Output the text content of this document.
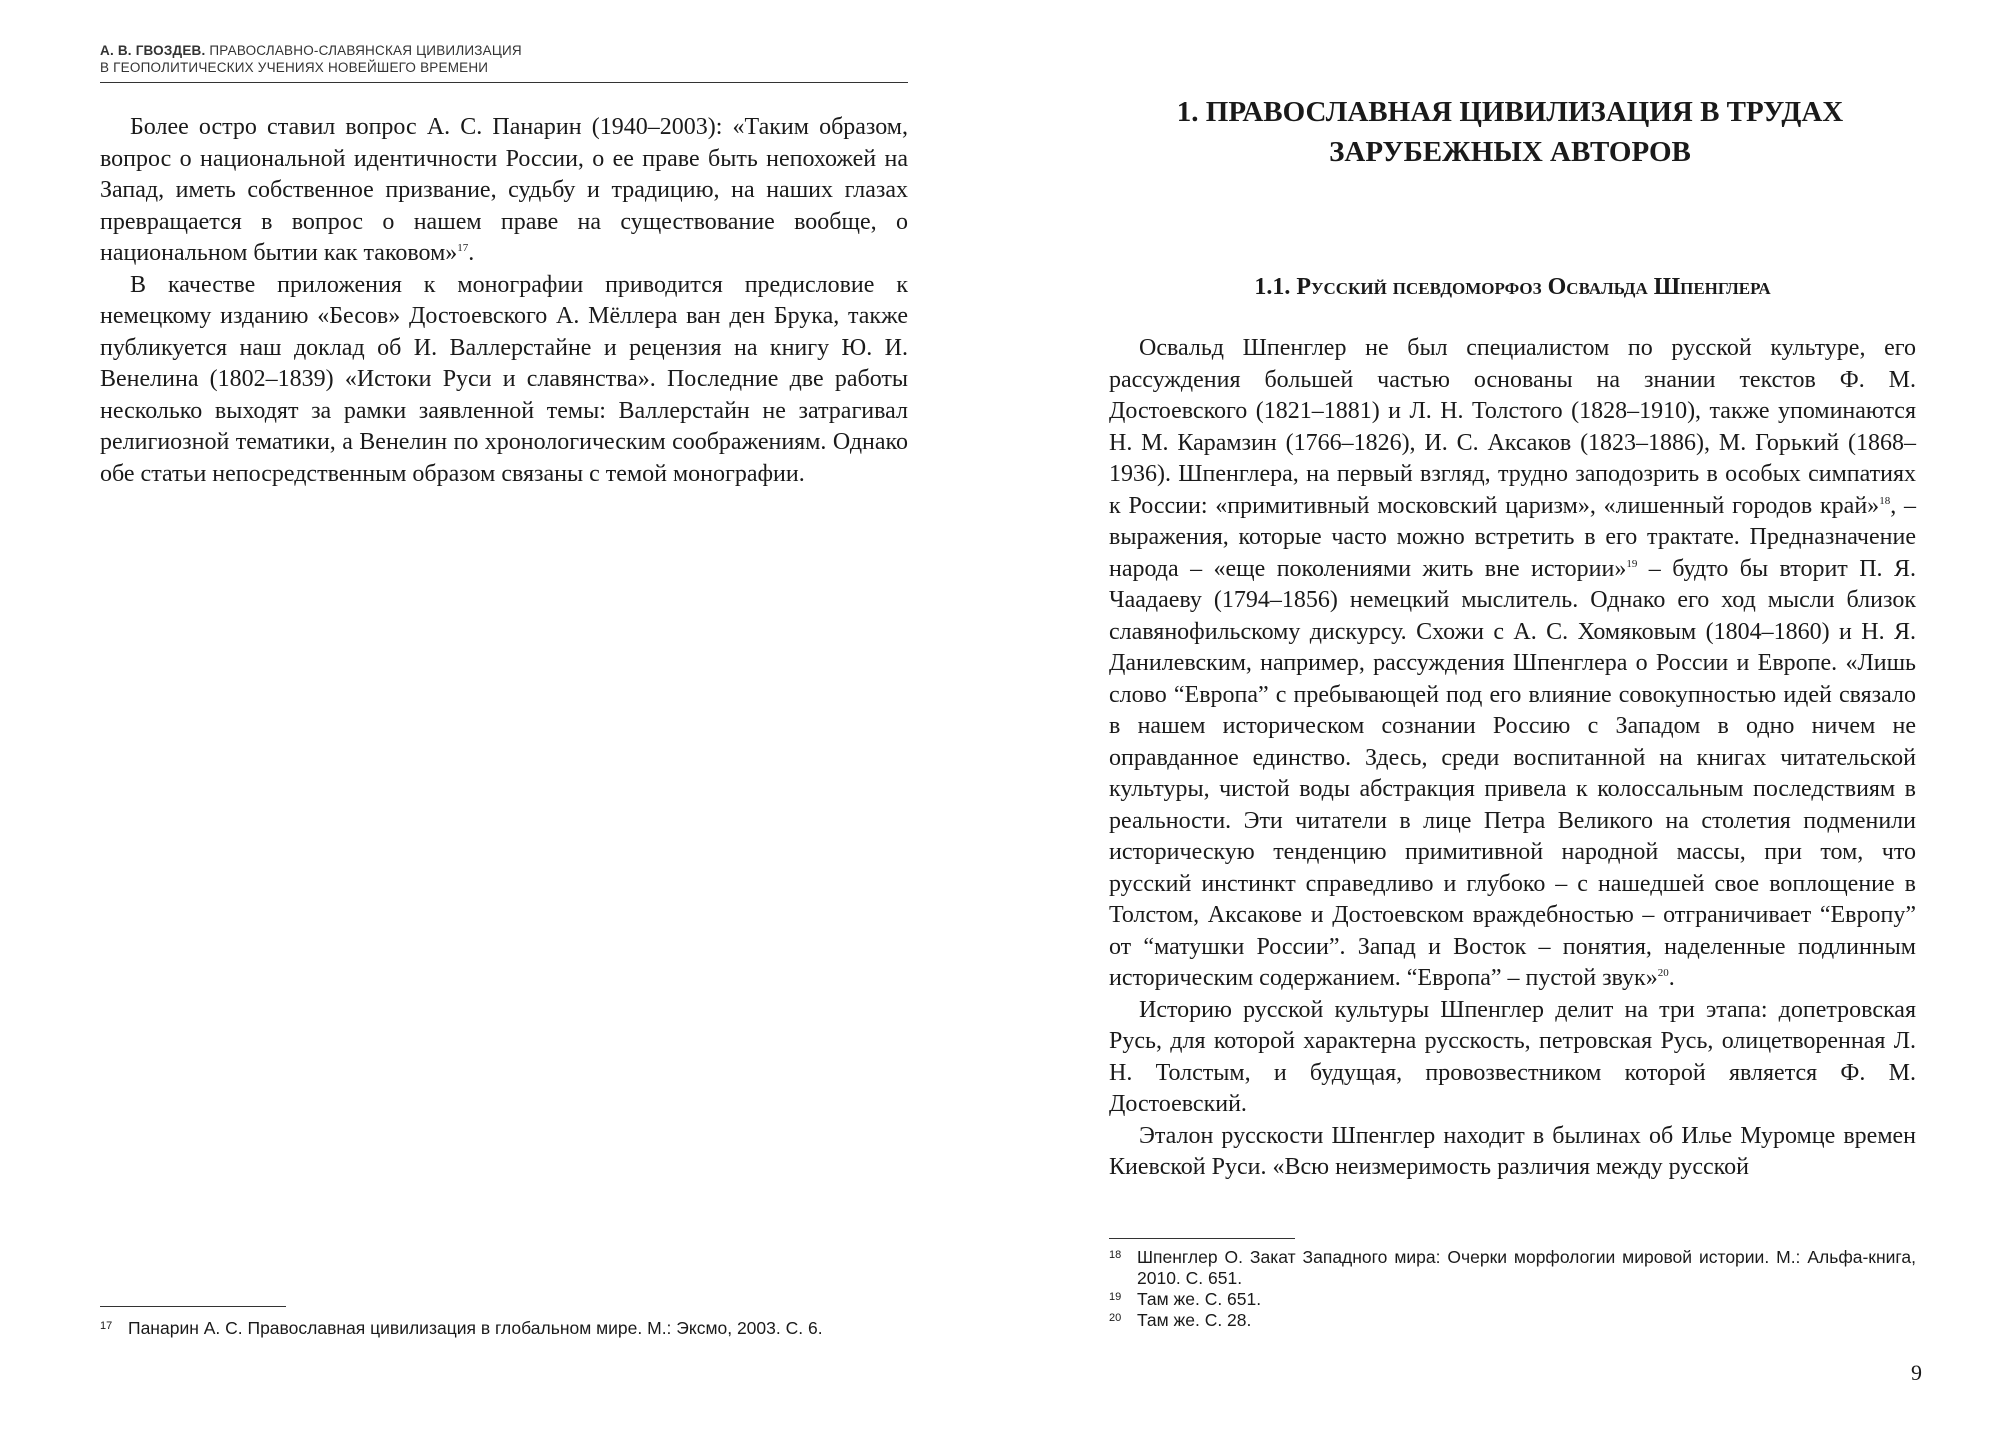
А. В. ГВОЗДЕВ. ПРАВОСЛАВНО-СЛАВЯНСКАЯ ЦИВИЛИЗАЦИЯ
В ГЕОПОЛИТИЧЕСКИХ УЧЕНИЯХ НОВЕЙШЕГО ВРЕМЕНИ

Более остро ставил вопрос А. С. Панарин (1940–2003): «Таким образом, вопрос о национальной идентичности России, о ее праве быть непохожей на Запад, иметь собственное призвание, судьбу и традицию, на наших глазах превращается в вопрос о нашем праве на существование вообще, о национальном бытии как таковом»$^{17}$.

В качестве приложения к монографии приводится предисловие к немецкому изданию «Бесов» Достоевского А. Мёллера ван ден Брука, также публикуется наш доклад об И. Валлерстайне и рецензия на книгу Ю. И. Венелина (1802–1839) «Истоки Руси и славянства». Последние две работы несколько выходят за рамки заявленной темы: Валлерстайн не затрагивал религиозной тематики, а Венелин по хронологическим соображениям. Однако обе статьи непосредственным образом связаны с темой монографии.

17 Панарин А. С. Православная цивилизация в глобальном мире. М.: Эксмо, 2003. С. 6.
1. ПРАВОСЛАВНАЯ ЦИВИЛИЗАЦИЯ В ТРУДАХ
ЗАРУБЕЖНЫХ АВТОРОВ
1.1. Русский псевдоморфоз Освальда Шпенглера

Освальд Шпенглер не был специалистом по русской культуре, его рассуждения большей частью основаны на знании текстов Ф. М. Достоевского (1821–1881) и Л. Н. Толстого (1828–1910), также упоминаются Н. М. Карамзин (1766–1826), И. С. Аксаков (1823–1886), М. Горький (1868–1936). Шпенглера, на первый взгляд, трудно заподозрить в особых симпатиях к России: «примитивный московский царизм», «лишенный городов край»$^{18}$, – выражения, которые часто можно встретить в его трактате. Предназначение народа – «еще поколениями жить вне истории»$^{19}$ – будто бы вторит П. Я. Чаадаеву (1794–1856) немецкий мыслитель. Однако его ход мысли близок славянофильскому дискурсу. Схожи с А. С. Хомяковым (1804–1860) и Н. Я. Данилевским, например, рассуждения Шпенглера о России и Европе. «Лишь слово “Европа” с пребывающей под его влияние совокупностью идей связало в нашем историческом сознании Россию с Западом в одно ничем не оправданное единство. Здесь, среди воспитанной на книгах читательской культуры, чистой воды абстракция привела к колоссальным последствиям в реальности. Эти читатели в лице Петра Великого на столетия подменили историческую тенденцию примитивной народной массы, при том, что русский инстинкт справедливо и глубоко – с нашедшей свое воплощение в Толстом, Аксакове и Достоевском враждебностью – отграничивает “Европу” от “матушки России”. Запад и Восток – понятия, наделенные подлинным историческим содержанием. “Европа” – пустой звук»$^{20}$.

Историю русской культуры Шпенглер делит на три этапа: допетровская Русь, для которой характерна русскость, петровская Русь, олицетворенная Л. Н. Толстым, и будущая, провозвестником которой является Ф. М. Достоевский.

Эталон русскости Шпенглер находит в былинах об Илье Муромце времен Киевской Руси. «Всю неизмеримость различия между русской

18 Шпенглер О. Закат Западного мира: Очерки морфологии мировой истории. М.: Альфа-книга, 2010. С. 651.
19 Там же. С. 651.
20 Там же. С. 28.
9
